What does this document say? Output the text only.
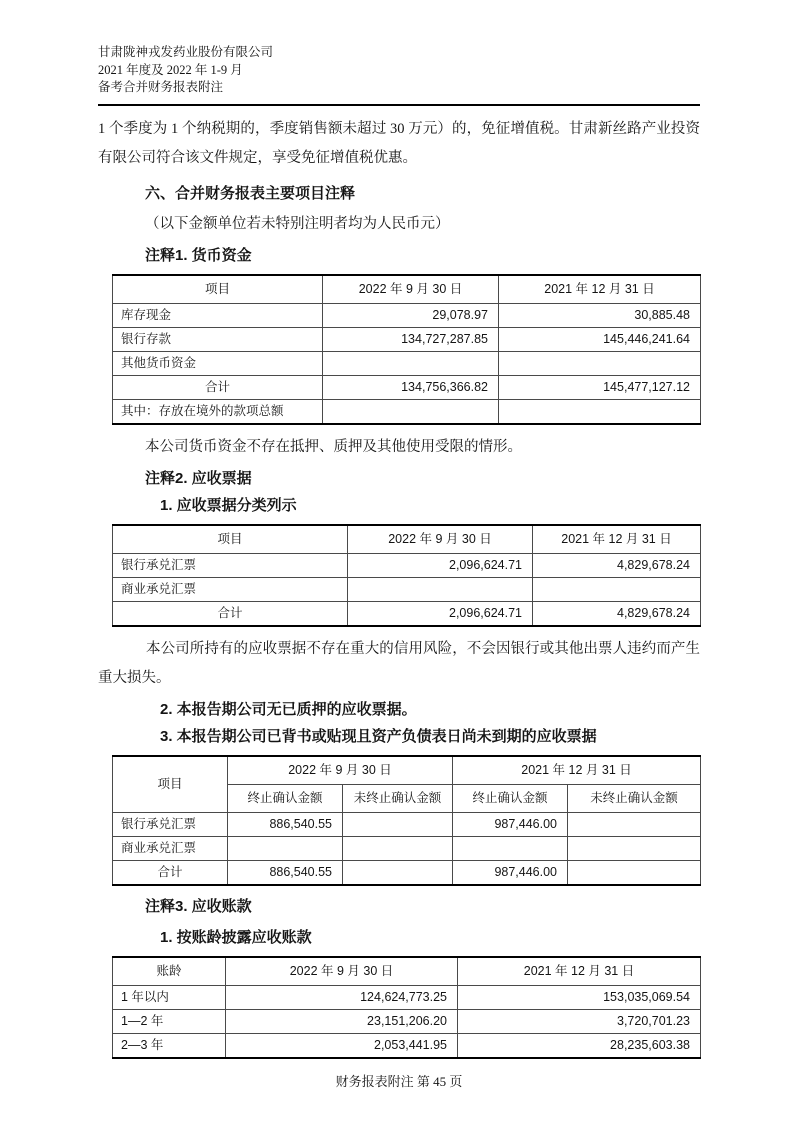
甘肃陇神戎发药业股份有限公司
2021 年度及 2022 年 1-9 月
备考合并财务报表附注

1 个季度为 1 个纳税期的，季度销售额未超过 30 万元）的，免征增值税。甘肃新丝路产业投资有限公司符合该文件规定，享受免征增值税优惠。

六、合并财务报表主要项目注释
（以下金额单位若未特别注明者均为人民币元）
注释1. 货币资金
项目	2022 年 9 月 30 日	2021 年 12 月 31 日
库存现金	29,078.97	30,885.48
银行存款	134,727,287.85	145,446,241.64
其他货币资金		
合计	134,756,366.82	145,477,127.12
其中：存放在境外的款项总额		
本公司货币资金不存在抵押、质押及其他使用受限的情形。
注释2. 应收票据
1. 应收票据分类列示
项目	2022 年 9 月 30 日	2021 年 12 月 31 日
银行承兑汇票	2,096,624.71	4,829,678.24
商业承兑汇票		
合计	2,096,624.71	4,829,678.24

本公司所持有的应收票据不存在重大的信用风险，不会因银行或其他出票人违约而产生重大损失。

2. 本报告期公司无已质押的应收票据。
3. 本报告期公司已背书或贴现且资产负债表日尚未到期的应收票据
项目	2022 年 9 月 30 日		2021 年 12 月 31 日	
	终止确认金额	未终止确认金额	终止确认金额	未终止确认金额
银行承兑汇票	886,540.55		987,446.00	
商业承兑汇票				
合计	886,540.55		987,446.00	
注释3. 应收账款
1. 按账龄披露应收账款
账龄	2022 年 9 月 30 日	2021 年 12 月 31 日
1 年以内	124,624,773.25	153,035,069.54
1—2 年	23,151,206.20	3,720,701.23
2—3 年	2,053,441.95	28,235,603.38
财务报表附注 第 45 页
